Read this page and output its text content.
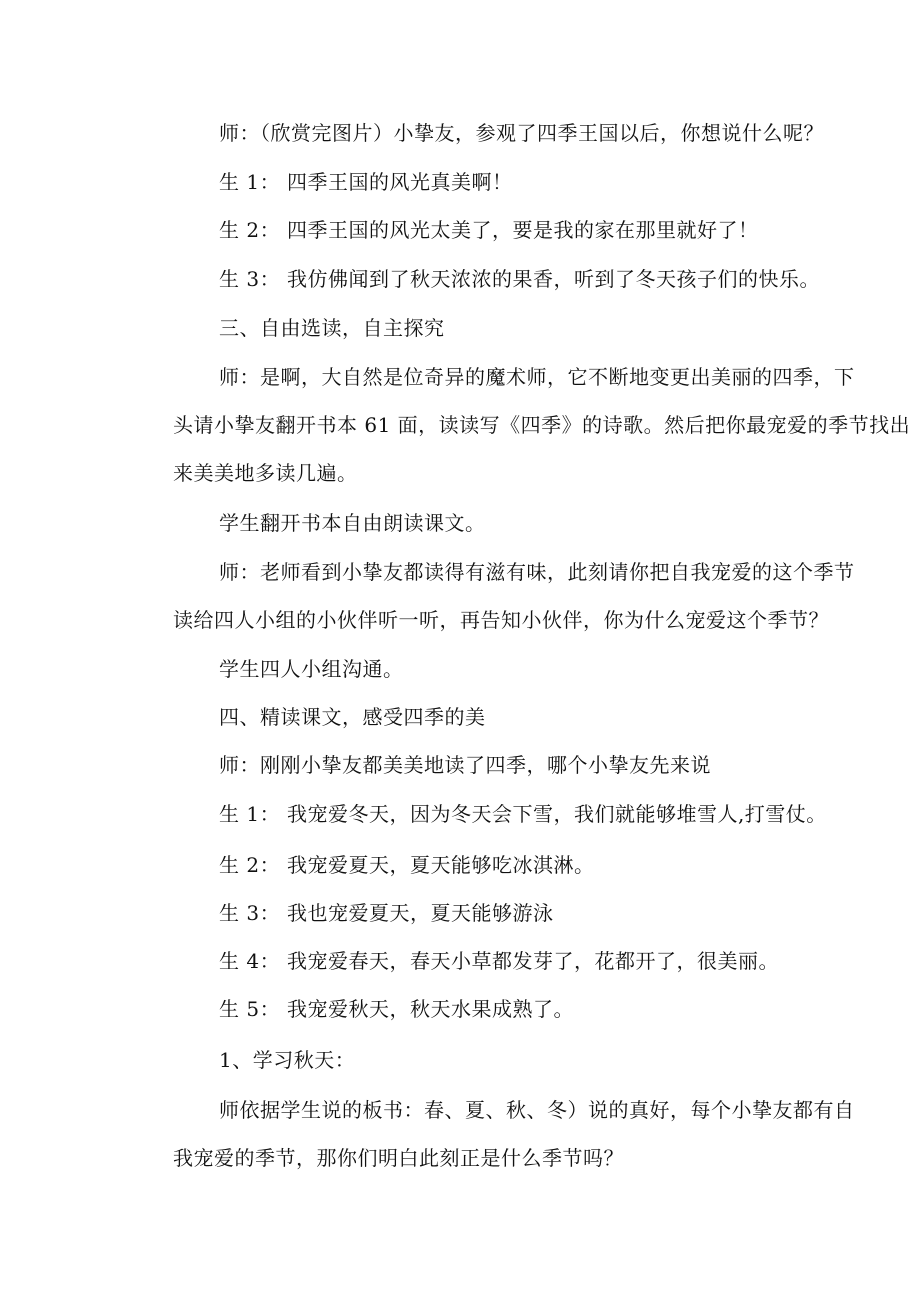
师：（欣赏完图片）小挚友，参观了四季王国以后，你想说什么呢？
生 1： 四季王国的风光真美啊！
生 2： 四季王国的风光太美了，要是我的家在那里就好了！
生 3： 我仿佛闻到了秋天浓浓的果香，听到了冬天孩子们的快乐。
三、自由选读，自主探究
师：是啊，大自然是位奇异的魔术师，它不断地变更出美丽的四季，下
头请小挚友翻开书本 61 面，读读写《四季》的诗歌。然后把你最宠爱的季节找出
来美美地多读几遍。
学生翻开书本自由朗读课文。
师：老师看到小挚友都读得有滋有味，此刻请你把自我宠爱的这个季节
读给四人小组的小伙伴听一听，再告知小伙伴，你为什么宠爱这个季节？
学生四人小组沟通。
四、精读课文，感受四季的美
师：刚刚小挚友都美美地读了四季，哪个小挚友先来说
生 1： 我宠爱冬天，因为冬天会下雪，我们就能够堆雪人,打雪仗。
生 2： 我宠爱夏天，夏天能够吃冰淇淋。
生 3： 我也宠爱夏天，夏天能够游泳
生 4： 我宠爱春天，春天小草都发芽了，花都开了，很美丽。
生 5： 我宠爱秋天，秋天水果成熟了。
1、学习秋天：
师依据学生说的板书：春、夏、秋、冬）说的真好，每个小挚友都有自
我宠爱的季节，那你们明白此刻正是什么季节吗？
